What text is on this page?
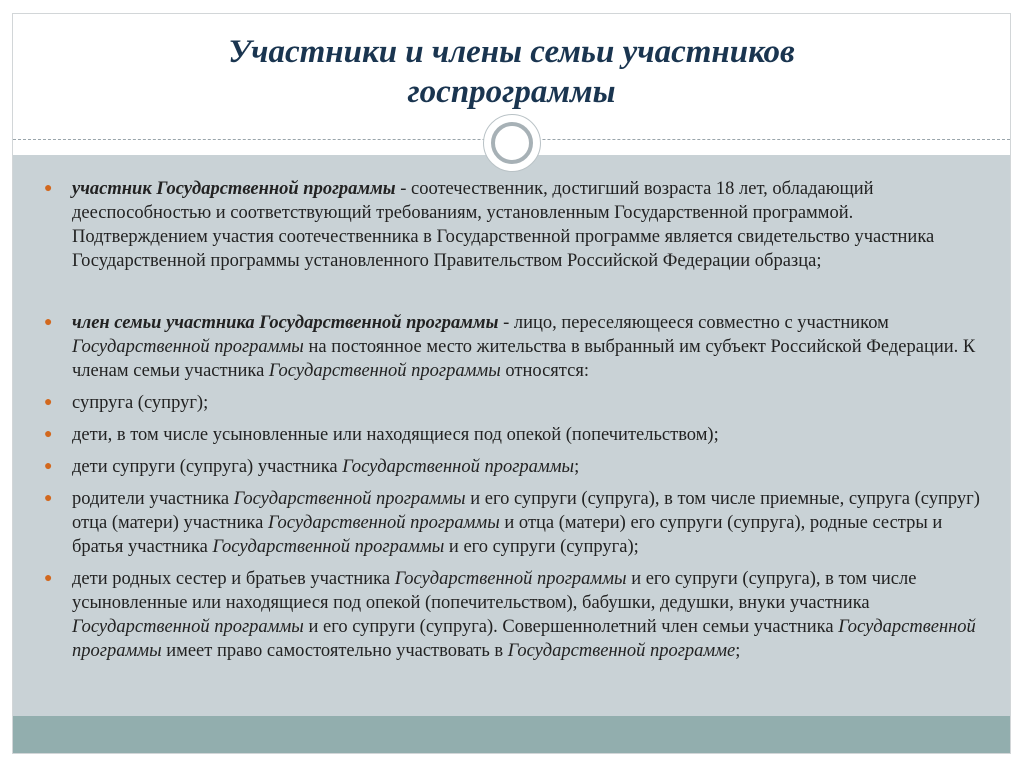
Участники и члены семьи участников
госпрограммы
● участник Государственной программы - соотечественник, достигший возраста 18 лет, обладающий дееспособностью и соответствующий требованиям, установленным Государственной программой. Подтверждением участия соотечественника в Государственной программе является свидетельство участника Государственной программы установленного Правительством Российской Федерации образца;
● член семьи участника Государственной программы - лицо, переселяющееся совместно с участником Государственной программы на постоянное место жительства в выбранный им субъект Российской Федерации. К членам семьи участника Государственной программы относятся:
● супруга (супруг);
● дети, в том числе усыновленные или находящиеся под опекой (попечительством);
● дети супруги (супруга) участника Государственной программы;
● родители участника Государственной программы и его супруги (супруга), в том числе приемные, супруга (супруг) отца (матери) участника Государственной программы и отца (матери) его супруги (супруга), родные сестры и братья участника Государственной программы и его супруги (супруга);
● дети родных сестер и братьев участника Государственной программы и его супруги (супруга), в том числе усыновленные или находящиеся под опекой (попечительством), бабушки, дедушки, внуки участника Государственной программы и его супруги (супруга). Совершеннолетний член семьи участника Государственной программы имеет право самостоятельно участвовать в Государственной программе;
